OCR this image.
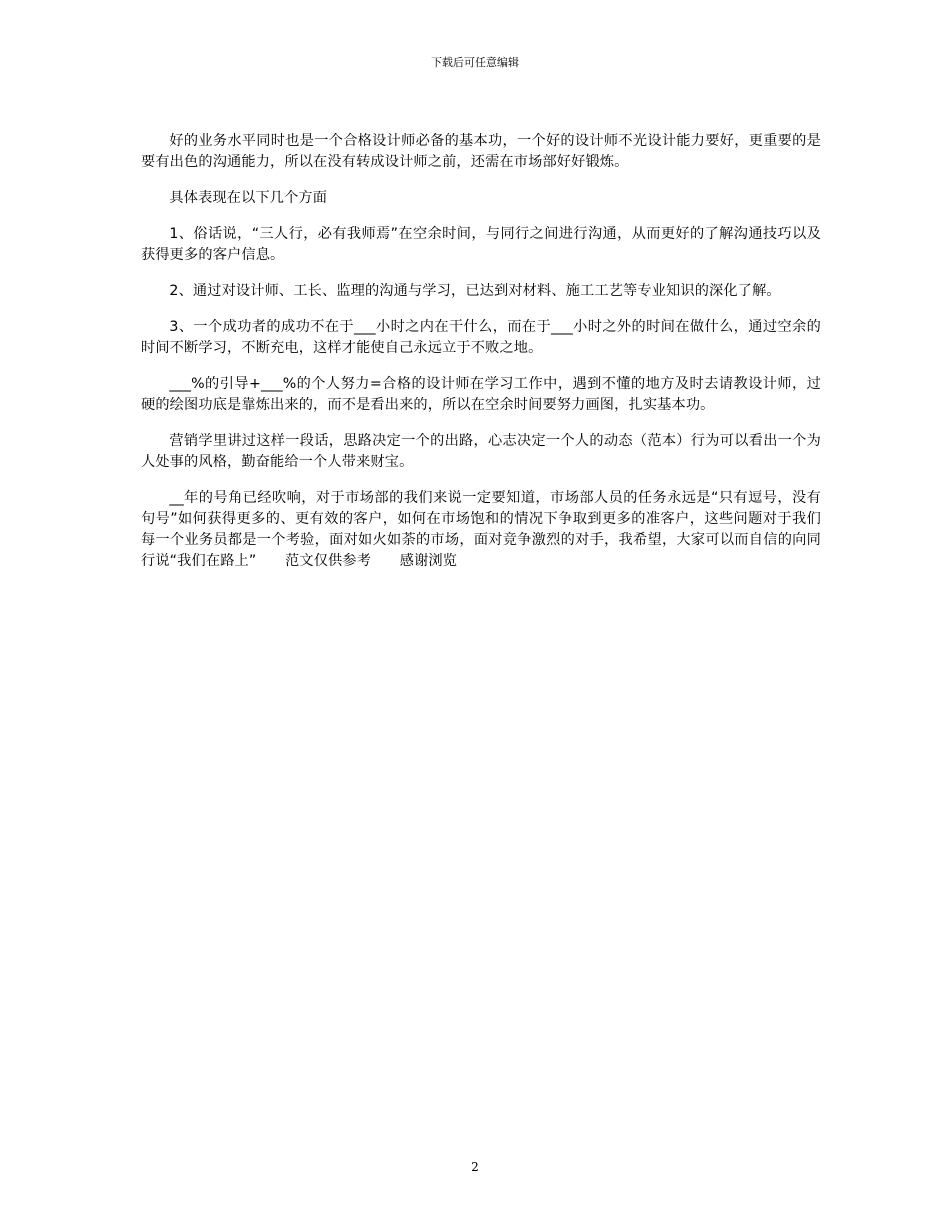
下载后可任意编辑

好的业务水平同时也是一个合格设计师必备的基本功，一个好的设计师不光设计能力要好，更重要的是要有出色的沟通能力，所以在没有转成设计师之前，还需在市场部好好锻炼。

具体表现在以下几个方面

1、俗话说，“三人行，必有我师焉”在空余时间，与同行之间进行沟通，从而更好的了解沟通技巧以及获得更多的客户信息。

2、通过对设计师、工长、监理的沟通与学习，已达到对材料、施工工艺等专业知识的深化了解。

3、一个成功者的成功不在于___小时之内在干什么，而在于___小时之外的时间在做什么，通过空余的时间不断学习，不断充电，这样才能使自己永远立于不败之地。

___%的引导+___%的个人努力=合格的设计师在学习工作中，遇到不懂的地方及时去请教设计师，过硬的绘图功底是靠炼出来的，而不是看出来的，所以在空余时间要努力画图，扎实基本功。

营销学里讲过这样一段话，思路决定一个的出路，心志决定一个人的动态（范本）行为可以看出一个为人处事的风格，勤奋能给一个人带来财宝。

__年的号角已经吹响，对于市场部的我们来说一定要知道，市场部人员的任务永远是“只有逗号，没有句号”如何获得更多的、更有效的客户，如何在市场饱和的情况下争取到更多的准客户，这些问题对于我们每一个业务员都是一个考验，面对如火如荼的市场，面对竞争激烈的对手，我希望，大家可以而自信的向同行说“我们在路上”　　范文仅供参考　　感谢浏览

2
